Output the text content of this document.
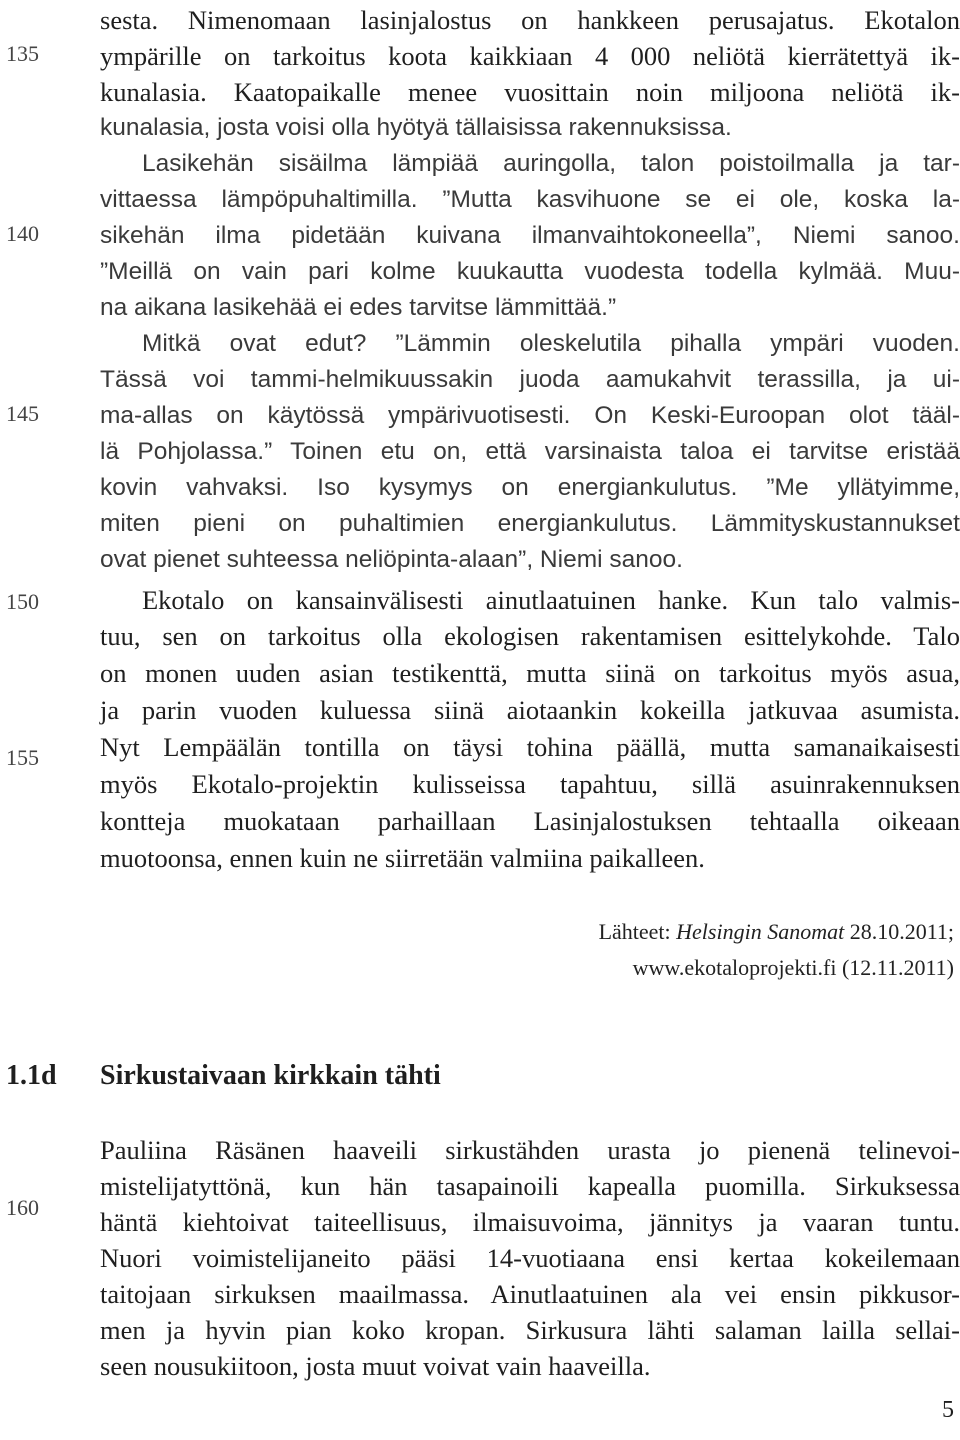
135
140
145
150
155
160

sesta. Nimenomaan lasinjalostus on hankkeen perusajatus. Ekotalon

ympärille on tarkoitus koota kaikkiaan 4 000 neliötä kierrätettyä ik-

kunalasia. Kaatopaikalle menee vuosittain noin miljoona neliötä ik-

kunalasia, josta voisi olla hyötyä tällaisissa rakennuksissa.

Lasikehän sisäilma lämpiää auringolla, talon poistoilmalla ja tar-

vittaessa lämpöpuhaltimilla. ”Mutta kasvihuone se ei ole, koska la-

sikehän ilma pidetään kuivana ilmanvaihtokoneella”, Niemi sanoo.

”Meillä on vain pari kolme kuukautta vuodesta todella kylmää. Muu-

na aikana lasikehää ei edes tarvitse lämmittää.”

Mitkä ovat edut? ”Lämmin oleskelutila pihalla ympäri vuoden.

Tässä voi tammi-helmikuussakin juoda aamukahvit terassilla, ja ui-

ma-allas on käytössä ympärivuotisesti. On Keski-Euroopan olot tääl-

lä Pohjolassa.” Toinen etu on, että varsinaista taloa ei tarvitse eristää

kovin vahvaksi. Iso kysymys on energiankulutus. ”Me yllätyimme,

miten pieni on puhaltimien energiankulutus. Lämmityskustannukset

ovat pienet suhteessa neliöpinta-alaan”, Niemi sanoo.

Ekotalo on kansainvälisesti ainutlaatuinen hanke. Kun talo valmis-

tuu, sen on tarkoitus olla ekologisen rakentamisen esittelykohde. Talo

on monen uuden asian testikenttä, mutta siinä on tarkoitus myös asua,

ja parin vuoden kuluessa siinä aiotaankin kokeilla jatkuvaa asumista.

Nyt Lempäälän tontilla on täysi tohina päällä, mutta samanaikaisesti

myös Ekotalo-projektin kulisseissa tapahtuu, sillä asuinrakennuksen

kontteja muokataan parhaillaan Lasinjalostuksen tehtaalla oikeaan

muotoonsa, ennen kuin ne siirretään valmiina paikalleen.

Lähteet: Helsingin Sanomat 28.10.2011;
www.ekotaloprojekti.fi (12.11.2011)
1.1d Sirkustaivaan kirkkain tähti

Pauliina Räsänen haaveili sirkustähden urasta jo pienenä telinevoi-

mistelijatyttönä, kun hän tasapainoili kapealla puomilla. Sirkuksessa

häntä kiehtoivat taiteellisuus, ilmaisuvoima, jännitys ja vaaran tuntu.

Nuori voimistelijaneito pääsi 14-vuotiaana ensi kertaa kokeilemaan

taitojaan sirkuksen maailmassa. Ainutlaatuinen ala vei ensin pikkusor-

men ja hyvin pian koko kropan. Sirkusura lähti salaman lailla sellai-

seen nousukiitoon, josta muut voivat vain haaveilla.

5
